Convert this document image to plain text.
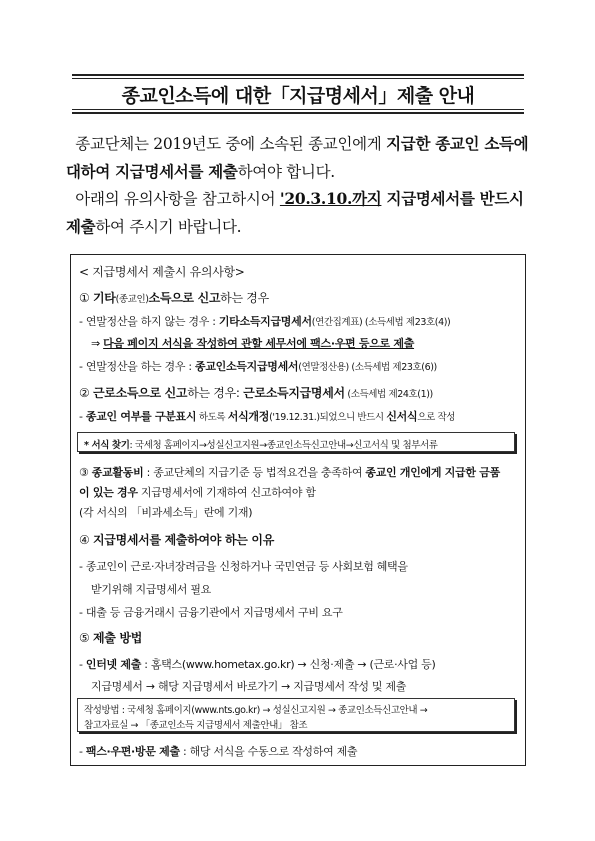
종교인소득에 대한「지급명세서」제출 안내
종교단체는 2019년도 중에 소속된 종교인에게 지급한 종교인 소득에 대하여 지급명세서를 제출하여야 합니다.
아래의 유의사항을 참고하시어 '20.3.10.까지 지급명세서를 반드시 제출하여 주시기 바랍니다.
< 지급명세서 제출시 유의사항>
① 기타(종교인)소득으로 신고하는 경우
- 연말정산을 하지 않는 경우 : 기타소득지급명세서(연간집계표) (소득세법 제23호(4))
⇒ 다음 페이지 서식을 작성하여 관할 세무서에 팩스·우편 등으로 제출
- 연말정산을 하는 경우 : 종교인소득지급명세서(연말정산용) (소득세법 제23호(6))
② 근로소득으로 신고하는 경우: 근로소득지급명세서 (소득세법 제24호(1))
- 종교인 여부를 구분표시 하도록 서식개정('19.12.31.)되었으니 반드시 신서식으로 작성
* 서식 찾기: 국세청 홈페이지→성실신고지원→종교인소득신고안내→신고서식 및 첨부서류
③ 종교활동비 : 종교단체의 지급기준 등 법적요건을 충족하여 종교인 개인에게 지급한 금품이 있는 경우 지급명세서에 기재하여 신고하여야 함
(각 서식의 「비과세소득」란에 기재)
④ 지급명세서를 제출하여야 하는 이유
- 종교인이 근로·자녀장려금을 신청하거나 국민연금 등 사회보험 혜택을
받기위해 지급명세서 필요
- 대출 등 금융거래시 금융기관에서 지급명세서 구비 요구
⑤ 제출 방법
- 인터넷 제출 : 홈택스(www.hometax.go.kr) → 신청·제출 → (근로·사업 등)
지급명세서 → 해당 지급명세서 바로가기 → 지급명세서 작성 및 제출
작성방법 : 국세청 홈페이지(www.nts.go.kr) → 성실신고지원 → 종교인소득신고안내 →
참고자료실 → 「종교인소득 지급명세서 제출안내」 참조
- 팩스·우편·방문 제출 : 해당 서식을 수동으로 작성하여 제출
